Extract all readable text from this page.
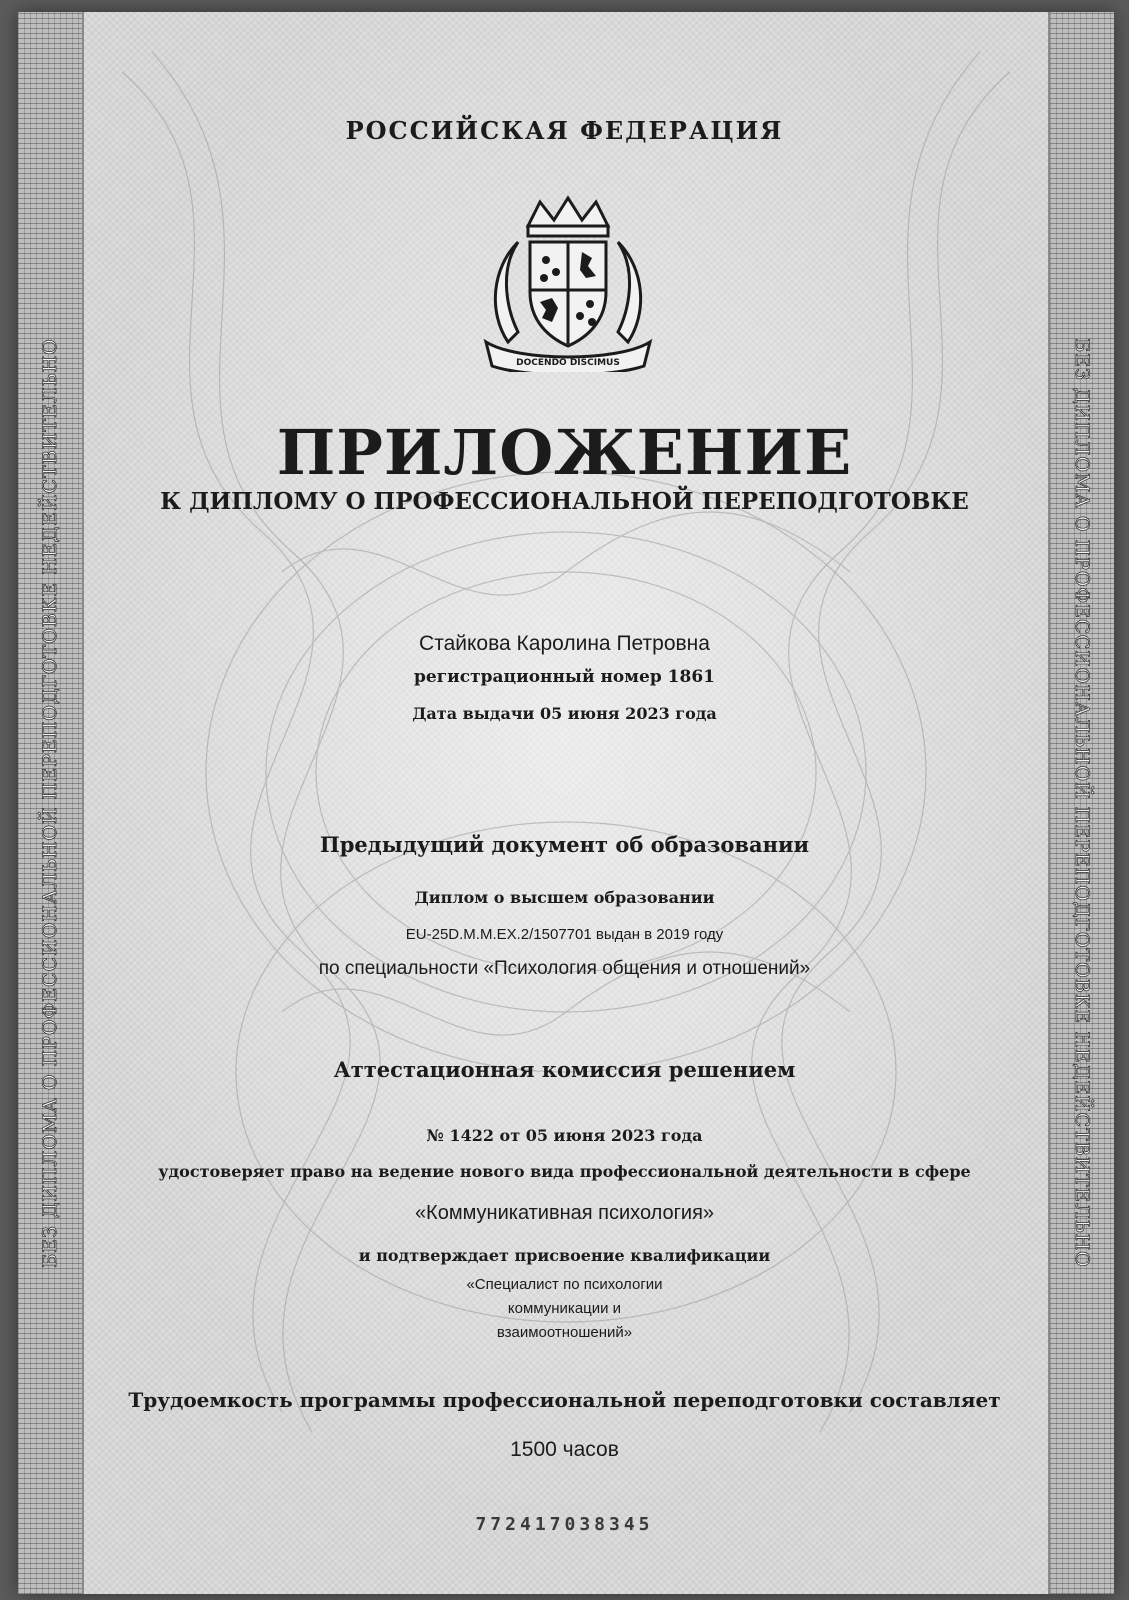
БЕЗ ДИПЛОМА О ПРОФЕССИОНАЛЬНОЙ ПЕРЕПОДГОТОВКЕ НЕДЕЙСТВИТЕЛЬНО	БЕЗ ДИПЛОМА О ПРОФЕССИОНАЛЬНОЙ ПЕРЕПОДГОТОВКЕ НЕДЕЙСТВИТЕЛЬНО
РОССИЙСКАЯ ФЕДЕРАЦИЯ
DOCENDO DISCIMUS
ПРИЛОЖЕНИЕ
К ДИПЛОМУ О ПРОФЕССИОНАЛЬНОЙ ПЕРЕПОДГОТОВКЕ
Стайкова Каролина Петровна
регистрационный номер 1861
Дата выдачи 05 июня 2023 года
Предыдущий документ об образовании
Диплом о высшем образовании
EU-25D.M.M.EX.2/1507701 выдан в 2019 году
по специальности «Психология общения и отношений»
Аттестационная комиссия решением
№ 1422 от 05 июня 2023 года
удостоверяет право на ведение нового вида профессиональной деятельности в сфере
«Коммуникативная психология»
и подтверждает присвоение квалификации
«Специалист по психологии
коммуникации и
взаимоотношений»
Трудоемкость программы профессиональной переподготовки составляет
1500 часов
772417038345
